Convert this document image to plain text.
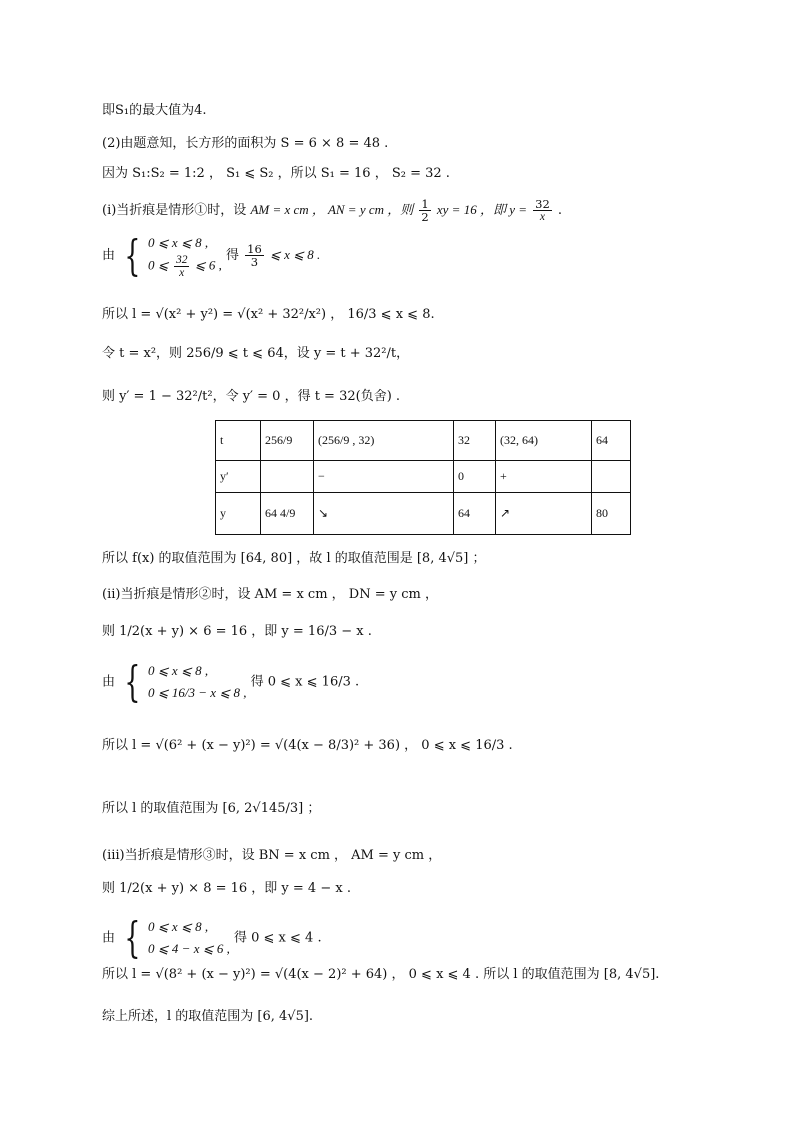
即S₁的最大值为4.
(2)由题意知，长方形的面积为 S = 6 × 8 = 48 .
因为 S₁:S₂ = 1:2 ， S₁ ⩽ S₂ ，所以 S₁ = 16 ， S₂ = 32 .
(ⅰ)当折痕是情形①时，设 AM = x cm ， AN = y cm ，则 $\frac{1}{2}$ xy = 16 ，即 $y = \frac{32}{x}$ .
由 { 0 ⩽ x ⩽ 8 ,
0 ⩽ $\frac{32}{x}$ ⩽ 6 ,
得 $\frac{16}{3}$ ⩽ x ⩽ 8 .
所以 l = √(x² + y²) = √(x² + 32²/x²) ， 16/3 ⩽ x ⩽ 8.
令 t = x²，则 256/9 ⩽ t ⩽ 64，设 y = t + 32²/t，
则 y′ = 1 − 32²/t²，令 y′ = 0 ，得 t = 32(负舍) .
t	256/9	(256/9 , 32)	32	(32, 64)	64
y′		−	0	+	
y	64 4/9	↘	64	↗	80
所以 f(x) 的取值范围为 [64, 80] ，故 l 的取值范围是 [8, 4√5] ；
(ⅱ)当折痕是情形②时，设 AM = x cm ， DN = y cm ，
则 1/2(x + y) × 6 = 16 ，即 y = 16/3 − x .
由 { 0 ⩽ x ⩽ 8 ,
0 ⩽ 16/3 − x ⩽ 8 ,
得 0 ⩽ x ⩽ 16/3 .
所以 l = √(6² + (x − y)²) = √(4(x − 8/3)² + 36) ， 0 ⩽ x ⩽ 16/3 .
所以 l 的取值范围为 [6, 2√145/3] ；
(ⅲ)当折痕是情形③时，设 BN = x cm ， AM = y cm ，
则 1/2(x + y) × 8 = 16 ，即 y = 4 − x .
由 { 0 ⩽ x ⩽ 8 ,
0 ⩽ 4 − x ⩽ 6 ,
得 0 ⩽ x ⩽ 4 .
所以 l = √(8² + (x − y)²) = √(4(x − 2)² + 64) ， 0 ⩽ x ⩽ 4 . 所以 l 的取值范围为 [8, 4√5].
综上所述，l 的取值范围为 [6, 4√5].
